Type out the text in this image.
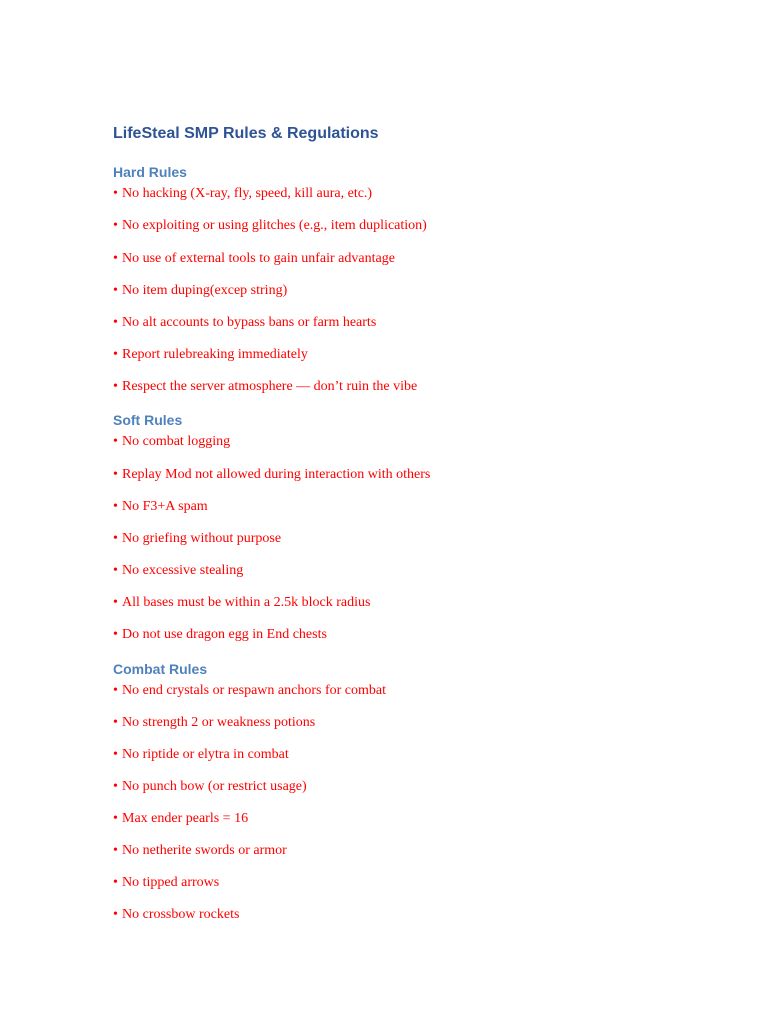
LifeSteal SMP Rules & Regulations
Hard Rules

• No hacking (X-ray, fly, speed, kill aura, etc.)

• No exploiting or using glitches (e.g., item duplication)

• No use of external tools to gain unfair advantage

• No item duping(excep string)

• No alt accounts to bypass bans or farm hearts

• Report rulebreaking immediately

• Respect the server atmosphere — don’t ruin the vibe

Soft Rules

• No combat logging

• Replay Mod not allowed during interaction with others

• No F3+A spam

• No griefing without purpose

• No excessive stealing

• All bases must be within a 2.5k block radius

• Do not use dragon egg in End chests

Combat Rules

• No end crystals or respawn anchors for combat

• No strength 2 or weakness potions

• No riptide or elytra in combat

• No punch bow (or restrict usage)

• Max ender pearls = 16

• No netherite swords or armor

• No tipped arrows

• No crossbow rockets
